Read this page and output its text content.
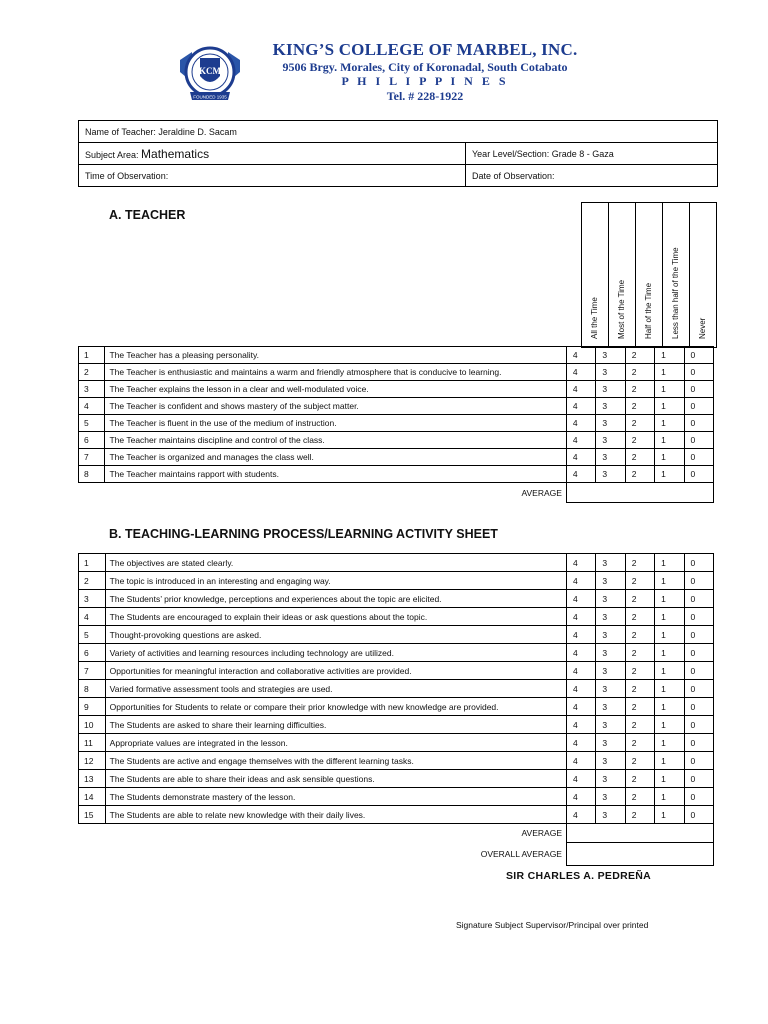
KCM
FOUNDED 1935
KING’S COLLEGE OF MARBEL, INC.
9506 Brgy. Morales, City of Koronadal, South Cotabato
P H I L I P P I N E S
Tel. # 228-1922
Name of Teacher: Jeraldine D. Sacam	
Subject Area: Mathematics	Year Level/Section: Grade 8 - Gaza
Time of Observation:	Date of Observation:
A. TEACHER
All the Time	Most of the Time	Half of the Time	Less than half of the Time	Never
1	The Teacher has a pleasing personality.	4	3	2	1	0
2	The Teacher is enthusiastic and maintains a warm and friendly atmosphere that is conducive to learning.	4	3	2	1	0
3	The Teacher explains the lesson in a clear and well-modulated voice.	4	3	2	1	0
4	The Teacher is confident and shows mastery of the subject matter.	4	3	2	1	0
5	The Teacher is fluent in the use of the medium of instruction.	4	3	2	1	0
6	The Teacher maintains discipline and control of the class.	4	3	2	1	0
7	The Teacher is organized and manages the class well.	4	3	2	1	0
8	The Teacher maintains rapport with students.	4	3	2	1	0
AVERAGE						
B. TEACHING-LEARNING PROCESS/LEARNING ACTIVITY SHEET
1	The objectives are stated clearly.	4	3	2	1	0
2	The topic is introduced in an interesting and engaging way.	4	3	2	1	0
3	The Students’ prior knowledge, perceptions and experiences about the topic are elicited.	4	3	2	1	0
4	The Students are encouraged to explain their ideas or ask questions about the topic.	4	3	2	1	0
5	Thought-provoking questions are asked.	4	3	2	1	0
6	Variety of activities and learning resources including technology are utilized.	4	3	2	1	0
7	Opportunities for meaningful interaction and collaborative activities are provided.	4	3	2	1	0
8	Varied formative assessment tools and strategies are used.	4	3	2	1	0
9	Opportunities for Students to relate or compare their prior knowledge with new knowledge are provided.	4	3	2	1	0
10	The Students are asked to share their learning difficulties.	4	3	2	1	0
11	Appropriate values are integrated in the lesson.	4	3	2	1	0
12	The Students are active and engage themselves with the different learning tasks.	4	3	2	1	0
13	The Students are able to share their ideas and ask sensible questions.	4	3	2	1	0
14	The Students demonstrate mastery of the lesson.	4	3	2	1	0
15	The Students are able to relate new knowledge with their daily lives.	4	3	2	1	0
AVERAGE						
OVERALL AVERAGE						
SIR CHARLES A. PEDREÑA
Signature Subject Supervisor/Principal over printed
